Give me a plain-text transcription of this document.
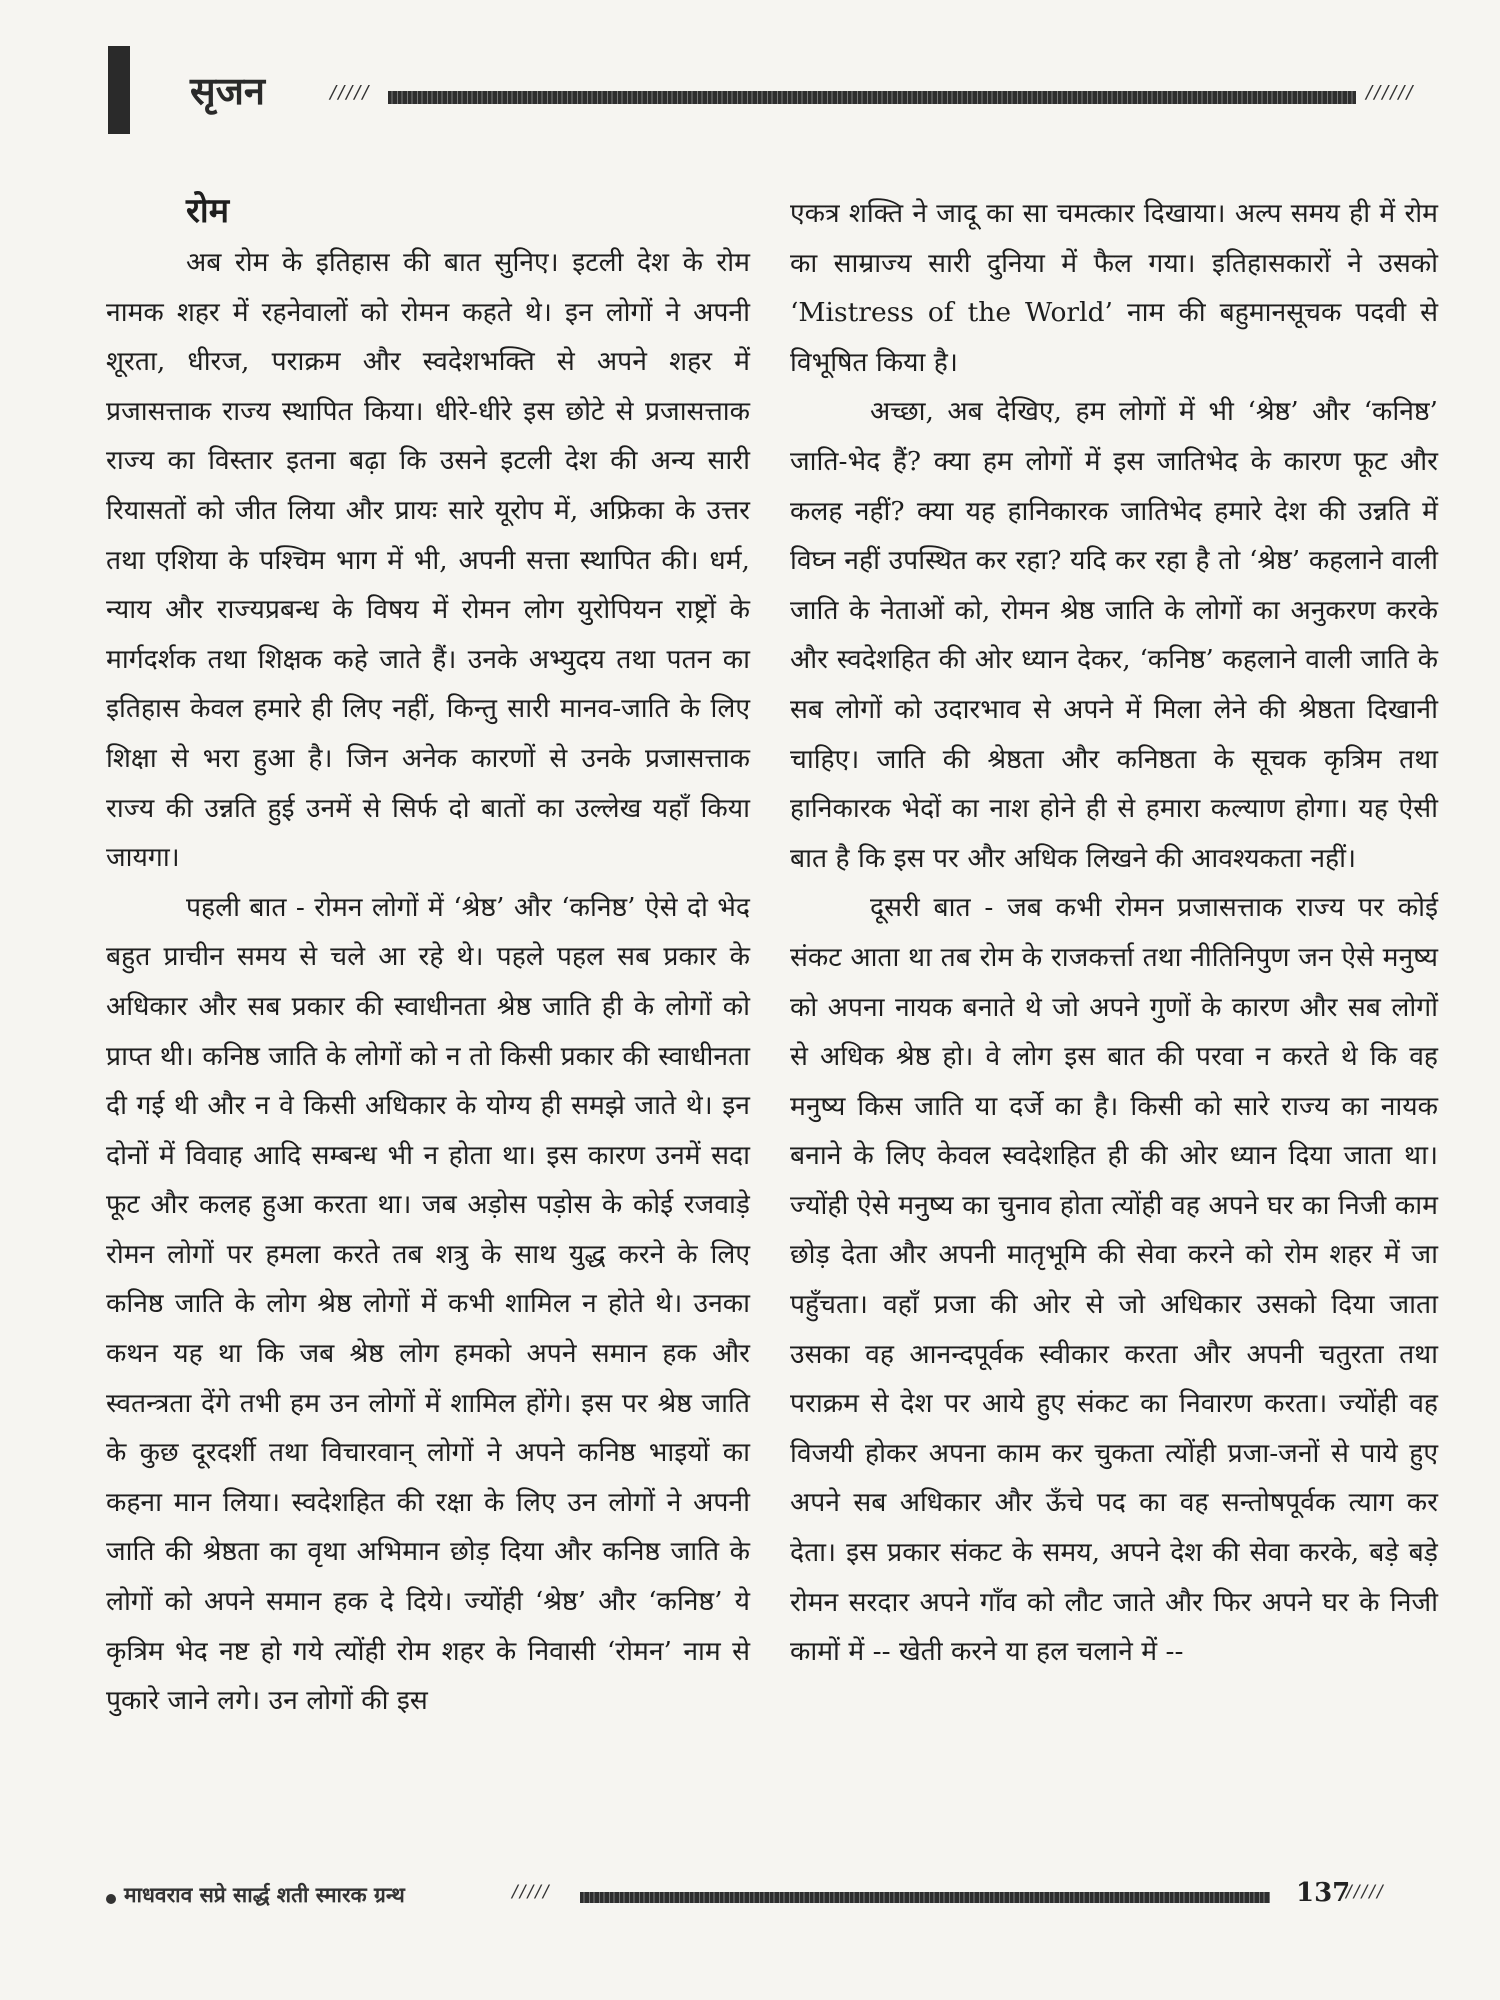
सृजन	/////	//////

रोम

अब रोम के इतिहास की बात सुनिए। इटली देश के रोम नामक शहर में रहनेवालों को रोमन कहते थे। इन लोगों ने अपनी शूरता, धीरज, पराक्रम और स्वदेशभक्ति से अपने शहर में प्रजासत्ताक राज्य स्थापित किया। धीरे-धीरे इस छोटे से प्रजासत्ताक राज्य का विस्तार इतना बढ़ा कि उसने इटली देश की अन्य सारी रियासतों को जीत लिया और प्रायः सारे यूरोप में, अफ्रिका के उत्तर तथा एशिया के पश्चिम भाग में भी, अपनी सत्ता स्थापित की। धर्म, न्याय और राज्यप्रबन्ध के विषय में रोमन लोग युरोपियन राष्ट्रों के मार्गदर्शक तथा शिक्षक कहे जाते हैं। उनके अभ्युदय तथा पतन का इतिहास केवल हमारे ही लिए नहीं, किन्तु सारी मानव-जाति के लिए शिक्षा से भरा हुआ है। जिन अनेक कारणों से उनके प्रजासत्ताक राज्य की उन्नति हुई उनमें से सिर्फ दो बातों का उल्लेख यहाँ किया जायगा।

पहली बात - रोमन लोगों में ‘श्रेष्ठ’ और ‘कनिष्ठ’ ऐसे दो भेद बहुत प्राचीन समय से चले आ रहे थे। पहले पहल सब प्रकार के अधिकार और सब प्रकार की स्वाधीनता श्रेष्ठ जाति ही के लोगों को प्राप्त थी। कनिष्ठ जाति के लोगों को न तो किसी प्रकार की स्वाधीनता दी गई थी और न वे किसी अधिकार के योग्य ही समझे जाते थे। इन दोनों में विवाह आदि सम्बन्ध भी न होता था। इस कारण उनमें सदा फूट और कलह हुआ करता था। जब अड़ोस पड़ोस के कोई रजवाड़े रोमन लोगों पर हमला करते तब शत्रु के साथ युद्ध करने के लिए कनिष्ठ जाति के लोग श्रेष्ठ लोगों में कभी शामिल न होते थे। उनका कथन यह था कि जब श्रेष्ठ लोग हमको अपने समान हक और स्वतन्त्रता देंगे तभी हम उन लोगों में शामिल होंगे। इस पर श्रेष्ठ जाति के कुछ दूरदर्शी तथा विचारवान् लोगों ने अपने कनिष्ठ भाइयों का कहना मान लिया। स्वदेशहित की रक्षा के लिए उन लोगों ने अपनी जाति की श्रेष्ठता का वृथा अभिमान छोड़ दिया और कनिष्ठ जाति के लोगों को अपने समान हक दे दिये। ज्योंही ‘श्रेष्ठ’ और ‘कनिष्ठ’ ये कृत्रिम भेद नष्ट हो गये त्योंही रोम शहर के निवासी ‘रोमन’ नाम से पुकारे जाने लगे। उन लोगों की इस

एकत्र शक्ति ने जादू का सा चमत्कार दिखाया। अल्प समय ही में रोम का साम्राज्य सारी दुनिया में फैल गया। इतिहासकारों ने उसको ‘Mistress of the World’ नाम की बहुमानसूचक पदवी से विभूषित किया है।

अच्छा, अब देखिए, हम लोगों में भी ‘श्रेष्ठ’ और ‘कनिष्ठ’ जाति-भेद हैं? क्या हम लोगों में इस जातिभेद के कारण फूट और कलह नहीं? क्या यह हानिकारक जातिभेद हमारे देश की उन्नति में विघ्न नहीं उपस्थित कर रहा? यदि कर रहा है तो ‘श्रेष्ठ’ कहलाने वाली जाति के नेताओं को, रोमन श्रेष्ठ जाति के लोगों का अनुकरण करके और स्वदेशहित की ओर ध्यान देकर, ‘कनिष्ठ’ कहलाने वाली जाति के सब लोगों को उदारभाव से अपने में मिला लेने की श्रेष्ठता दिखानी चाहिए। जाति की श्रेष्ठता और कनिष्ठता के सूचक कृत्रिम तथा हानिकारक भेदों का नाश होने ही से हमारा कल्याण होगा। यह ऐसी बात है कि इस पर और अधिक लिखने की आवश्यकता नहीं।

दूसरी बात - जब कभी रोमन प्रजासत्ताक राज्य पर कोई संकट आता था तब रोम के राजकर्त्ता तथा नीतिनिपुण जन ऐसे मनुष्य को अपना नायक बनाते थे जो अपने गुणों के कारण और सब लोगों से अधिक श्रेष्ठ हो। वे लोग इस बात की परवा न करते थे कि वह मनुष्य किस जाति या दर्जे का है। किसी को सारे राज्य का नायक बनाने के लिए केवल स्वदेशहित ही की ओर ध्यान दिया जाता था। ज्योंही ऐसे मनुष्य का चुनाव होता त्योंही वह अपने घर का निजी काम छोड़ देता और अपनी मातृभूमि की सेवा करने को रोम शहर में जा पहुँचता। वहाँ प्रजा की ओर से जो अधिकार उसको दिया जाता उसका वह आनन्दपूर्वक स्वीकार करता और अपनी चतुरता तथा पराक्रम से देश पर आये हुए संकट का निवारण करता। ज्योंही वह विजयी होकर अपना काम कर चुकता त्योंही प्रजा-जनों से पाये हुए अपने सब अधिकार और ऊँचे पद का वह सन्तोषपूर्वक त्याग कर देता। इस प्रकार संकट के समय, अपने देश की सेवा करके, बड़े बड़े रोमन सरदार अपने गाँव को लौट जाते और फिर अपने घर के निजी कामों में -- खेती करने या हल चलाने में --

माधवराव सप्रे सार्द्ध शती स्मारक ग्रन्थ	/////	137
/////
